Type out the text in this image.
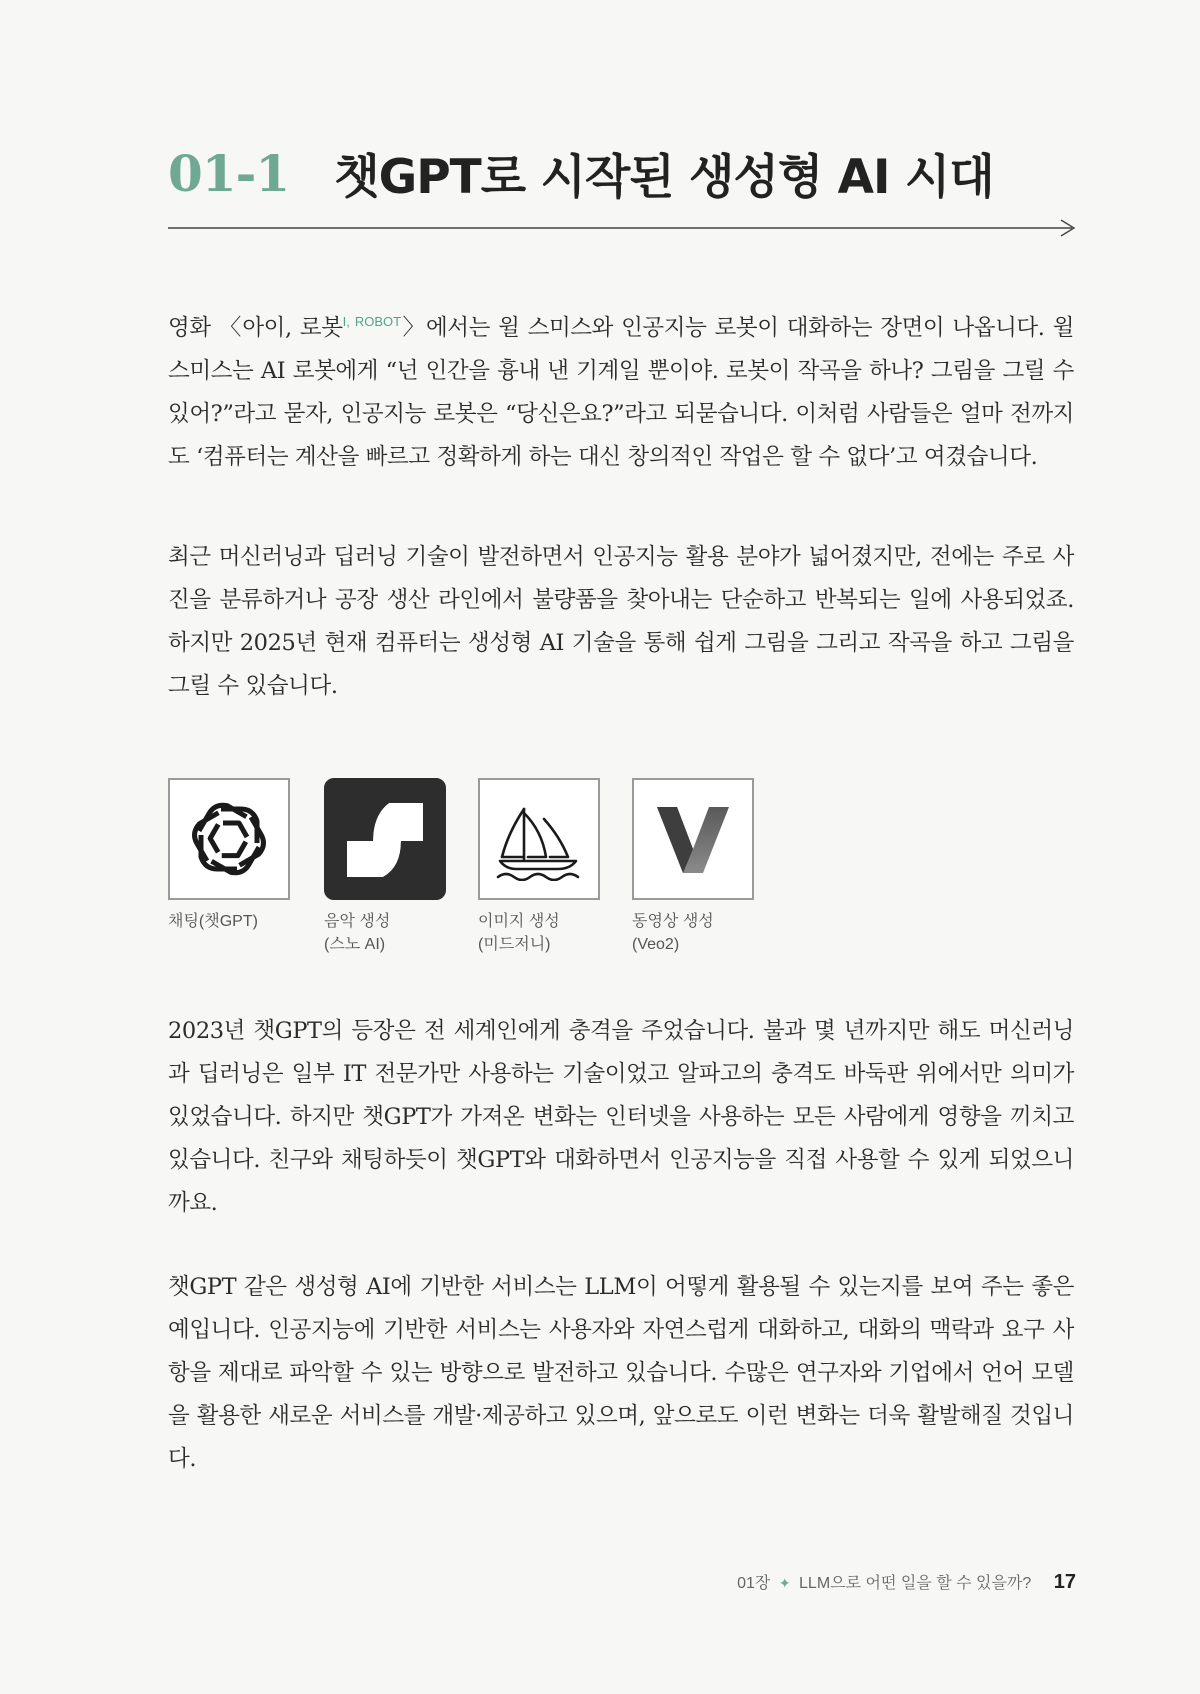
01-1 챗GPT로 시작된 생성형 AI 시대

영화 〈아이, 로봇$^{I, ROBOT}$〉에서는 윌 스미스와 인공지능 로봇이 대화하는 장면이 나옵니다. 윌 스미스는 AI 로봇에게 “넌 인간을 흉내 낸 기계일 뿐이야. 로봇이 작곡을 하나? 그림을 그릴 수 있어?”라고 묻자, 인공지능 로봇은 “당신은요?”라고 되묻습니다. 이처럼 사람들은 얼마 전까지도 ‘컴퓨터는 계산을 빠르고 정확하게 하는 대신 창의적인 작업은 할 수 없다’고 여겼습니다.

최근 머신러닝과 딥러닝 기술이 발전하면서 인공지능 활용 분야가 넓어졌지만, 전에는 주로 사진을 분류하거나 공장 생산 라인에서 불량품을 찾아내는 단순하고 반복되는 일에 사용되었죠. 하지만 2025년 현재 컴퓨터는 생성형 AI 기술을 통해 쉽게 그림을 그리고 작곡을 하고 그림을 그릴 수 있습니다.

채팅(챗GPT)	음악 생성
(스노 AI)
이미지 생성
(미드저니)
동영상 생성
(Veo2)

2023년 챗GPT의 등장은 전 세계인에게 충격을 주었습니다. 불과 몇 년까지만 해도 머신러닝과 딥러닝은 일부 IT 전문가만 사용하는 기술이었고 알파고의 충격도 바둑판 위에서만 의미가 있었습니다. 하지만 챗GPT가 가져온 변화는 인터넷을 사용하는 모든 사람에게 영향을 끼치고 있습니다. 친구와 채팅하듯이 챗GPT와 대화하면서 인공지능을 직접 사용할 수 있게 되었으니까요.

챗GPT 같은 생성형 AI에 기반한 서비스는 LLM이 어떻게 활용될 수 있는지를 보여 주는 좋은 예입니다. 인공지능에 기반한 서비스는 사용자와 자연스럽게 대화하고, 대화의 맥락과 요구 사항을 제대로 파악할 수 있는 방향으로 발전하고 있습니다. 수많은 연구자와 기업에서 언어 모델을 활용한 새로운 서비스를 개발·제공하고 있으며, 앞으로도 이런 변화는 더욱 활발해질 것입니다.

01장 ✦ LLM으로 어떤 일을 할 수 있을까? 17
